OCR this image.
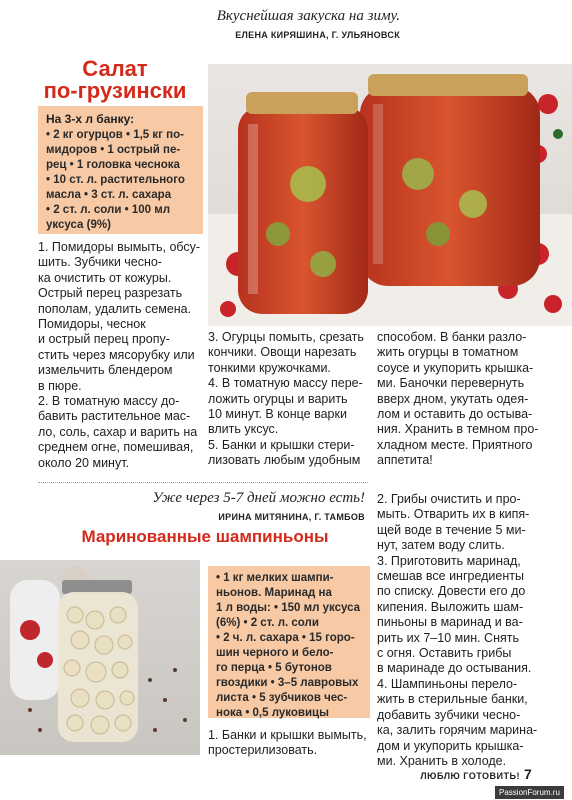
Вкуснейшая закуска на зиму.
ЕЛЕНА КИРЯШИНА, Г. УЛЬЯНОВСК
Салат
по-грузински
На 3-х л банку:
• 2 кг огурцов • 1,5 кг по-
мидоров • 1 острый пе-
рец • 1 головка чеснока
• 10 ст. л. растительного
масла • 3 ст. л. сахара
• 2 ст. л. соли • 100 мл
уксуса (9%)

1. Помидоры вымыть, обсу-

шить. Зубчики чесно-

ка очистить от кожуры.

Острый перец разрезать

пополам, удалить семена.

Помидоры, чеснок

и острый перец пропу-

стить через мясорубку или

измельчить блендером

в пюре.

2. В томатную массу до-

бавить растительное мас-

ло, соль, сахар и варить на

среднем огне, помешивая,

около 20 минут.

3. Огурцы помыть, срезать

кончики. Овощи нарезать

тонкими кружочками.

4. В томатную массу пере-

ложить огурцы и варить

10 минут. В конце варки

влить уксус.

5. Банки и крышки стери-

лизовать любым удобным

способом. В банки разло-

жить огурцы в томатном

соусе и укупорить крышка-

ми. Баночки перевернуть

вверх дном, укутать одея-

лом и оставить до остыва-

ния. Хранить в темном про-

хладном месте. Приятного

аппетита!

Уже через 5-7 дней можно есть!
ИРИНА МИТЯНИНА, Г. ТАМБОВ
Маринованные шампиньоны
• 1 кг мелких шампи-
ньонов. Маринад на
1 л воды: • 150 мл уксуса
(6%) • 2 ст. л. соли
• 2 ч. л. сахара • 15 горо-
шин черного и бело-
го перца • 5 бутонов
гвоздики • 3–5 лавровых
листа • 5 зубчиков чес-
нока • 0,5 луковицы

1. Банки и крышки вымыть,

простерилизовать.

2. Грибы очистить и про-

мыть. Отварить их в кипя-

щей воде в течение 5 ми-

нут, затем воду слить.

3. Приготовить маринад,

смешав все ингредиенты

по списку. Довести его до

кипения. Выложить шам-

пиньоны в маринад и ва-

рить их 7–10 мин. Снять

с огня. Оставить грибы

в маринаде до остывания.

4. Шампиньоны перело-

жить в стерильные банки,

добавить зубчики чесно-

ка, залить горячим марина-

дом и укупорить крышка-

ми. Хранить в холоде.

ЛЮБЛЮ ГОТОВИТЬ! 7
PassionForum.ru
